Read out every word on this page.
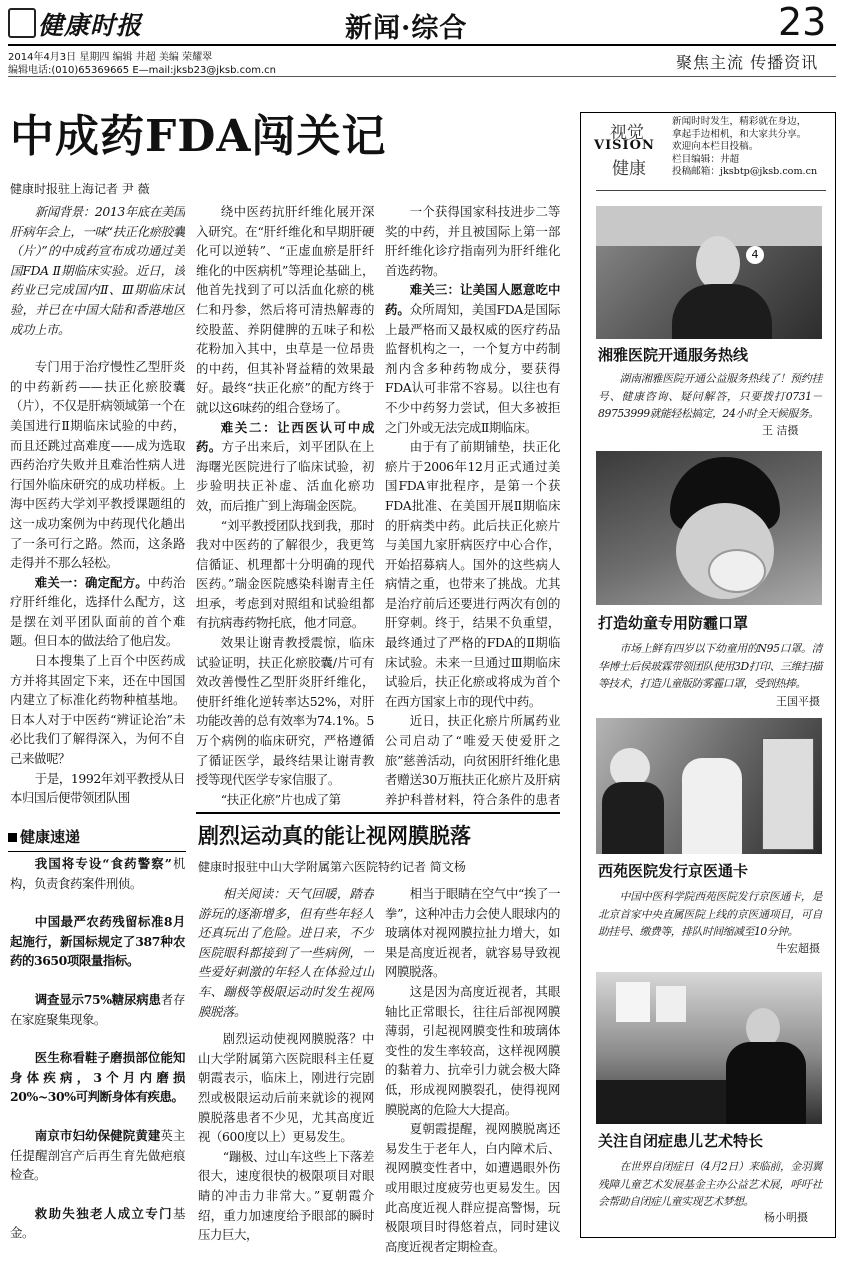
健康时报	新闻·综合	23
2014年4月3日 星期四 编辑 井超 美编 荣耀翠
编辑电话:(010)65369665 E—mail:jksb23@jksb.com.cn	聚焦主流 传播资讯
中成药FDA闯关记
健康时报驻上海记者 尹 薇

新闻背景：2013年底在美国肝病年会上，一味“扶正化瘀胶囊（片）”的中成药宣布成功通过美国FDA Ⅱ期临床实验。近日，该药业已完成国内Ⅱ、Ⅲ期临床试验，并已在中国大陆和香港地区成功上市。

专门用于治疗慢性乙型肝炎的中药新药——扶正化瘀胶囊（片），不仅是肝病领域第一个在美国进行Ⅱ期临床试验的中药，而且还跳过高难度——成为选取西药治疗失败并且难治性病人进行国外临床研究的成功样板。上海中医药大学刘平教授课题组的这一成功案例为中药现代化趟出了一条可行之路。然而，这条路走得并不那么轻松。

难关一：确定配方。中药治疗肝纤维化，选择什么配方，这是摆在刘平团队面前的首个难题。但日本的做法给了他启发。

日本搜集了上百个中医药成方并将其固定下来，还在中国国内建立了标准化药物种植基地。日本人对于中医药“辨证论治”未必比我们了解得深入，为何不自己来做呢？

于是，1992年刘平教授从日本归国后便带领团队围

绕中医药抗肝纤维化展开深入研究。在“肝纤维化和早期肝硬化可以逆转”、“正虚血瘀是肝纤维化的中医病机”等理论基础上，他首先找到了可以活血化瘀的桃仁和丹参，然后将可清热解毒的绞股蓝、养阴健脾的五味子和松花粉加入其中，虫草是一位昂贵的中药，但其补肾益精的效果最好。最终“扶正化瘀”的配方终于就以这6味药的组合登场了。

难关二：让西医认可中成药。方子出来后，刘平团队在上海曙光医院进行了临床试验，初步验明扶正补虚、活血化瘀功效，而后推广到上海瑞金医院。

“刘平教授团队找到我，那时我对中医药的了解很少，我更笃信循证、机理都十分明确的现代医药。”瑞金医院感染科谢青主任坦承，考虑到对照组和试验组都有抗病毒药物托底，他才同意。

效果让谢青教授震惊，临床试验证明，扶正化瘀胶囊/片可有效改善慢性乙型肝炎肝纤维化，使肝纤维化逆转率达52%，对肝功能改善的总有效率为74.1%。5万个病例的临床研究，严格遵循了循证医学，最终结果让谢青教授等现代医学专家信服了。

“扶正化瘀”片也成了第

一个获得国家科技进步二等奖的中药，并且被国际上第一部肝纤维化诊疗指南列为肝纤维化首选药物。

难关三：让美国人愿意吃中药。众所周知，美国FDA是国际上最严格而又最权威的医疗药品监督机构之一，一个复方中药制剂内含多种药物成分，要获得FDA认可非常不容易。以往也有不少中药努力尝试，但大多被拒之门外或无法完成Ⅱ期临床。

由于有了前期铺垫，扶正化瘀片于2006年12月正式通过美国FDA审批程序，是第一个获FDA批准、在美国开展Ⅱ期临床的肝病类中药。此后扶正化瘀片与美国九家肝病医疗中心合作，开始招募病人。国外的这些病人病情之重，也带来了挑战。尤其是治疗前后还要进行两次有创的肝穿刺。终于，结果不负重望，最终通过了严格的FDA的Ⅱ期临床试验。未来一旦通过Ⅲ期临床试验后，扶正化瘀或将成为首个在西方国家上市的现代中药。

近日，扶正化瘀片所属药业公司启动了“唯爱天使爱肝之旅”慈善活动，向贫困肝纤维化患者赠送30万瓶扶正化瘀片及肝病养护科普材料，符合条件的患者

健康速递

我国将专设“食药警察”机构，负责食药案件刑侦。

中国最严农药残留标准8月起施行，新国标规定了387种农药的3650项限量指标。

调查显示75%糖尿病患者存在家庭聚集现象。

医生称看鞋子磨损部位能知身体疾病，3个月内磨损20%~30%可判断身体有疾患。

南京市妇幼保健院黄建英主任提醒剖宫产后再生育先做疤痕检查。

救助失独老人成立专门基金。

剧烈运动真的能让视网膜脱落
健康时报驻中山大学附属第六医院特约记者 简文杨

相关阅读：天气回暖，踏春游玩的逐渐增多，但有些年轻人还真玩出了危险。进日来，不少医院眼科都接到了一些病例，一些爱好刺激的年轻人在体验过山车、蹦极等极限运动时发生视网膜脱落。

剧烈运动使视网膜脱落？中山大学附属第六医院眼科主任夏朝霞表示，临床上，刚进行完剧烈或极限运动后前来就诊的视网膜脱落患者不少见，尤其高度近视（600度以上）更易发生。

“蹦极、过山车这些上下落差很大，速度很快的极限项目对眼睛的冲击力非常大。”夏朝霞介绍，重力加速度给予眼部的瞬时压力巨大，

相当于眼睛在空气中“挨了一拳”，这种冲击力会使人眼球内的玻璃体对视网膜拉扯力增大，如果是高度近视者，就容易导致视网膜脱落。

这是因为高度近视者，其眼轴比正常眼长，往往后部视网膜薄弱，引起视网膜变性和玻璃体变性的发生率较高，这样视网膜的黏着力、抗牵引力就会极大降低，形成视网膜裂孔，使得视网膜脱离的危险大大提高。

夏朝霞提醒，视网膜脱离还易发生于老年人，白内障术后、视网膜变性者中，如遭遇眼外伤或用眼过度疲劳也更易发生。因此高度近视人群应提高警惕，玩极限项目时得悠着点，同时建议高度近视者定期检查。

视觉
VISION
健康
新闻时时发生，精彩就在身边，
拿起手边相机，和大家共分享。
欢迎向本栏目投稿。
栏目编辑：井超
投稿邮箱：jksbtp@jksb.com.cn
4
湘雅医院开通服务热线

湖南湘雅医院开通公益服务热线了！预约挂号、健康咨询、疑问解答，只要拨打0731－89753999就能轻松搞定，24小时全天候服务。

王 洁摄
打造幼童专用防霾口罩

市场上鲜有四岁以下幼童用的N95口罩。清华博士后侯玻霖带领团队使用3D打印、三维扫描等技术，打造儿童版防雾霾口罩，受到热捧。

王国平摄
西苑医院发行京医通卡

中国中医科学院西苑医院发行京医通卡，是北京首家中央直属医院上线的京医通项目，可自助挂号、缴费等，排队时间缩减至10分钟。

牛宏超摄
关注自闭症患儿艺术特长

在世界自闭症日（4月2日）来临前，金羽翼残障儿童艺术发展基金主办公益艺术展，呼吁社会帮助自闭症儿童实现艺术梦想。

杨小明摄
